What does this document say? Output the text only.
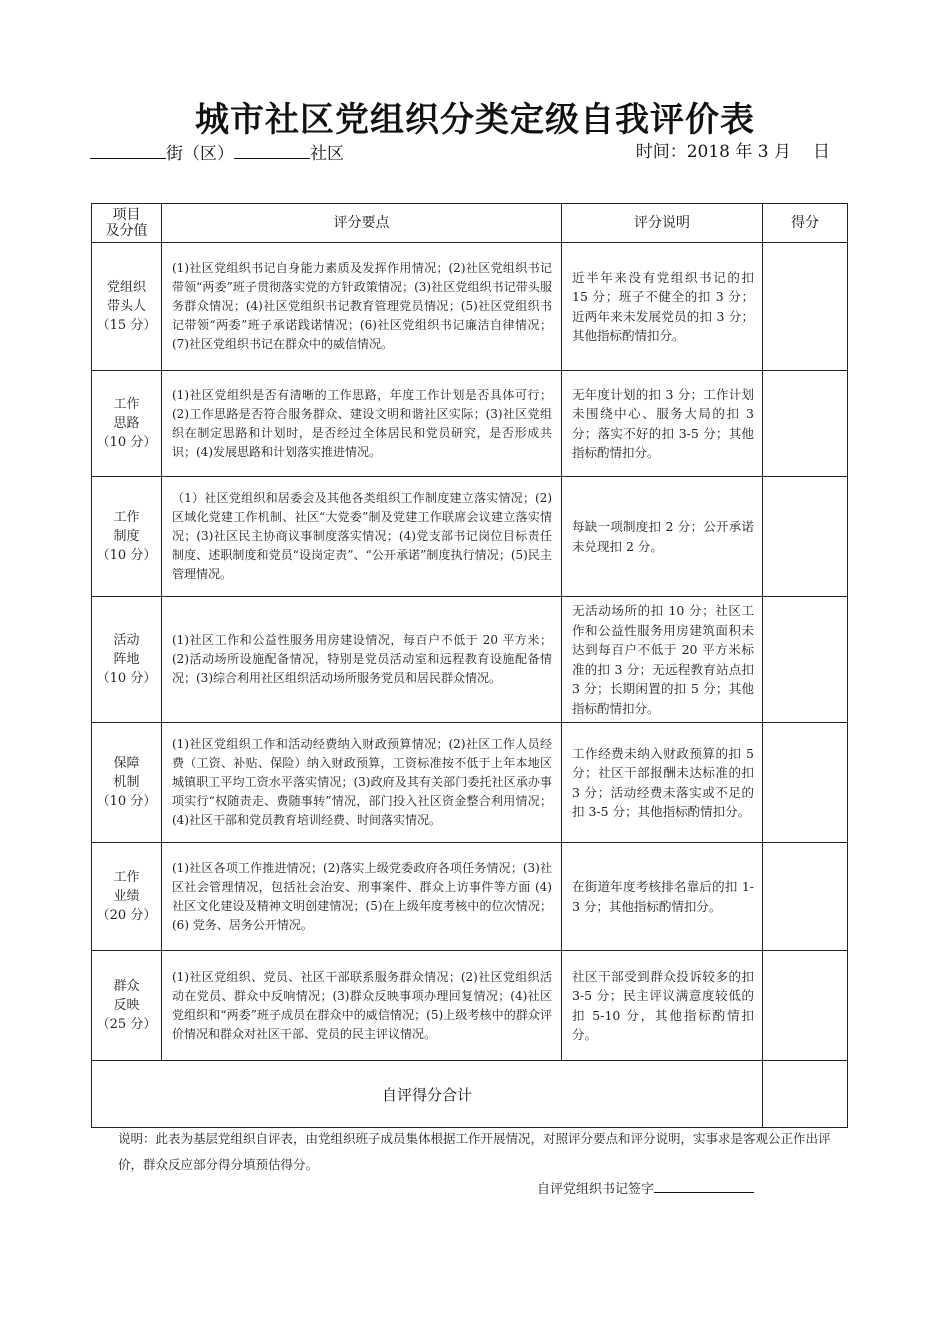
城市社区党组织分类定级自我评价表
街（区）	社区	时间：2018 年 3 月 日
项目
及分值	评分要点	评分说明	得分

党组织
带头人
（15 分）	(1)社区党组织书记自身能力素质及发挥作用情况；(2)社区党组织书记带领“两委”班子贯彻落实党的方针政策情况；(3)社区党组织书记带头服务群众情况；(4)社区党组织书记教育管理党员情况；(5)社区党组织书记带领“两委”班子承诺践诺情况；(6)社区党组织书记廉洁自律情况；(7)社区党组织书记在群众中的威信情况。	近半年来没有党组织书记的扣 15 分；班子不健全的扣 3 分；近两年来未发展党员的扣 3 分；其他指标酌情扣分。	

工作
思路
（10 分）	(1)社区党组织是否有清晰的工作思路，年度工作计划是否具体可行；(2)工作思路是否符合服务群众、建设文明和谐社区实际；(3)社区党组织在制定思路和计划时，是否经过全体居民和党员研究，是否形成共识；(4)发展思路和计划落实推进情况。	无年度计划的扣 3 分；工作计划未围绕中心、服务大局的扣 3 分；落实不好的扣 3-5 分；其他指标酌情扣分。	

工作
制度
（10 分）	（1）社区党组织和居委会及其他各类组织工作制度建立落实情况；(2)区域化党建工作机制、社区“大党委”制及党建工作联席会议建立落实情况；(3)社区民主协商议事制度落实情况；(4)党支部书记岗位目标责任制度、述职制度和党员“设岗定责”、“公开承诺”制度执行情况；(5)民主管理情况。	每缺一项制度扣 2 分；公开承诺未兑现扣 2 分。	

活动
阵地
（10 分）	(1)社区工作和公益性服务用房建设情况，每百户不低于 20 平方米；(2)活动场所设施配备情况，特别是党员活动室和远程教育设施配备情况；(3)综合利用社区组织活动场所服务党员和居民群众情况。	无活动场所的扣 10 分；社区工作和公益性服务用房建筑面积未达到每百户不低于 20 平方米标准的扣 3 分；无远程教育站点扣 3 分；长期闲置的扣 5 分；其他指标酌情扣分。	

保障
机制
（10 分）	(1)社区党组织工作和活动经费纳入财政预算情况；(2)社区工作人员经费（工资、补贴、保险）纳入财政预算，工资标准按不低于上年本地区城镇职工平均工资水平落实情况；(3)政府及其有关部门委托社区承办事项实行“权随责走、费随事转”情况，部门投入社区资金整合利用情况；(4)社区干部和党员教育培训经费、时间落实情况。	工作经费未纳入财政预算的扣 5 分；社区干部报酬未达标准的扣 3 分；活动经费未落实或不足的扣 3-5 分；其他指标酌情扣分。	

工作
业绩
（20 分）	(1)社区各项工作推进情况；(2)落实上级党委政府各项任务情况；(3)社区社会管理情况，包括社会治安、刑事案件、群众上访事件等方面 (4)社区文化建设及精神文明创建情况；(5)在上级年度考核中的位次情况； (6) 党务、居务公开情况。	在街道年度考核排名靠后的扣 1-3 分；其他指标酌情扣分。	

群众
反映
（25 分）	(1)社区党组织、党员、社区干部联系服务群众情况；(2)社区党组织活动在党员、群众中反响情况；(3)群众反映事项办理回复情况；(4)社区党组织和“两委”班子成员在群众中的威信情况；(5)上级考核中的群众评价情况和群众对社区干部、党员的民主评议情况。	社区干部受到群众投诉较多的扣 3-5 分；民主评议满意度较低的扣 5-10 分，其他指标酌情扣分。	
自评得分合计			
说明：此表为基层党组织自评表，由党组织班子成员集体根据工作开展情况，对照评分要点和评分说明，实事求是客观公正作出评价，群众反应部分得分填预估得分。
自评党组织书记签字
